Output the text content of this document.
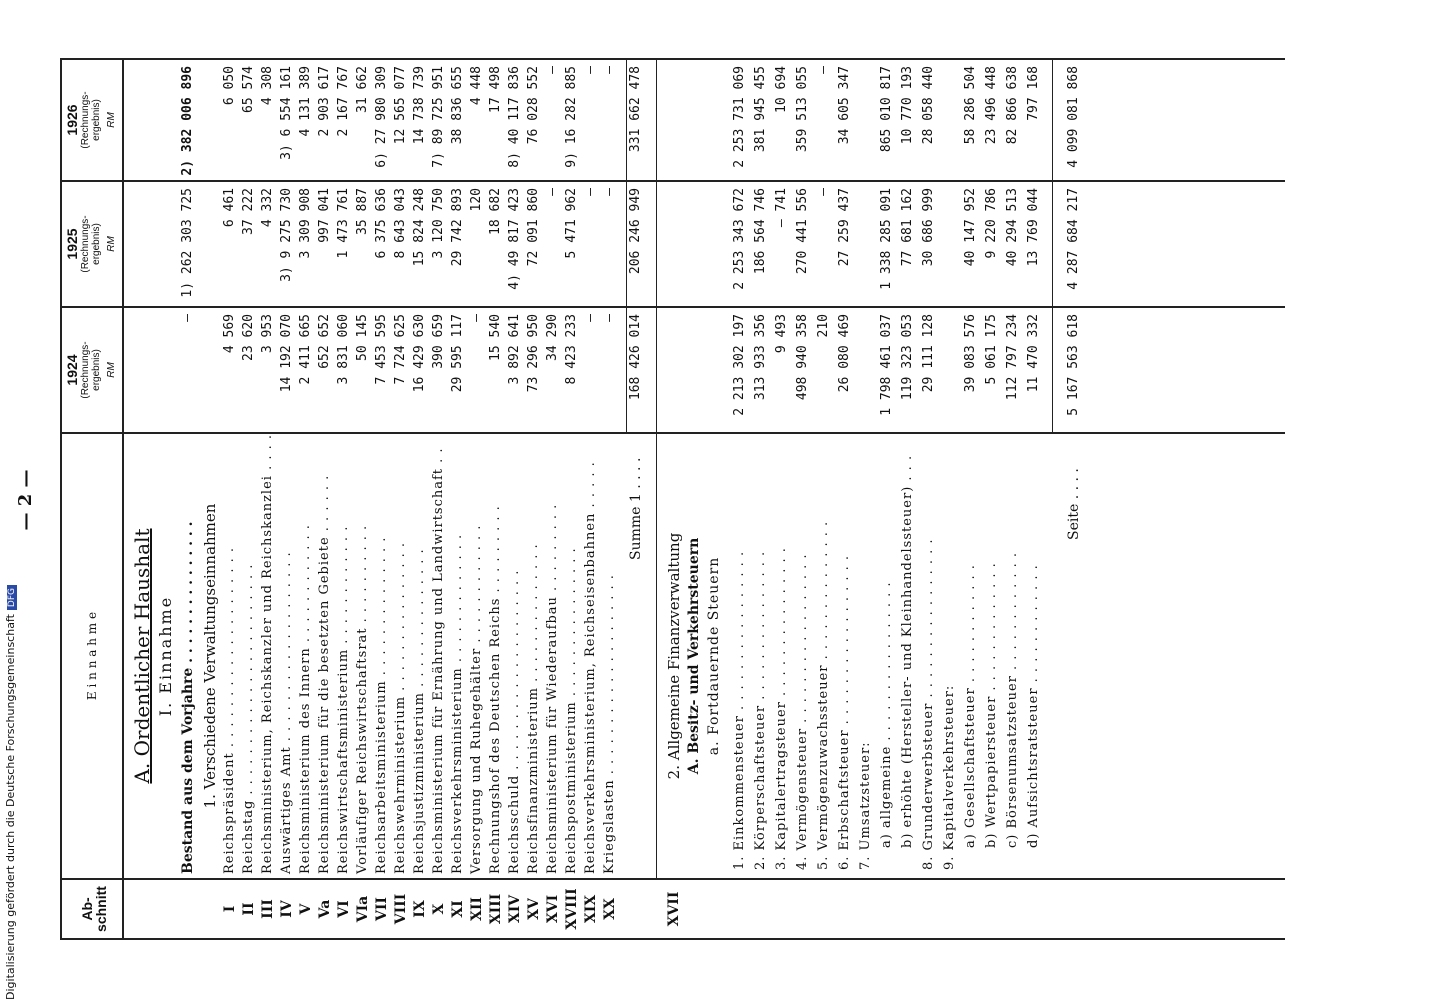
Digitalisierung gefördert durch die Deutsche ForschungsgemeinschaftDFG
— 2 —
Ab-
schnitt
E i n n a h m e
1924 (Rechnungs-
ergebnis) RM
1925 (Rechnungs-
ergebnis) RM
1926 (Rechnungs-
ergebnis) RM
A. Ordentlicher Haushalt I. Einnahme Bestand aus dem Vorjahre . . . . . . . . . . . . . . .
—
1) 262 303 725
2) 382 006 896
1. Verschiedene Verwaltungseinnahmen
I
Reichspräsident . . . . . . . . . . . . . . . . . . . .
4 569
6 461
6 050
II
Reichstag . . . . . . . . . . . . . . . . . . . . . . .
23 620
37 222
65 574
III
Reichsministerium, Reichskanzler und Reichskanzlei . . . .
3 953
4 332
4 308
IV
Auswärtiges Amt . . . . . . . . . . . . . . . . . . .
14 192 070
3) 9 275 730
3) 6 554 161
V
Reichsministerium des Innern . . . . . . . . . . . .
2 411 665
3 309 908
4 131 389
Va
Reichsministerium für die besetzten Gebiete . . . . . .
652 652
997 041
2 903 617
VI
Reichswirtschaftsministerium . . . . . . . . . . . .
3 831 060
1 473 761
2 167 767
VIa
Vorläufiger Reichswirtschaftsrat . . . . . . . . . .
50 145
35 887
31 662
VII
Reichsarbeitsministerium . . . . . . . . . . . . . .
7 453 595
6 375 636
6) 27 980 309
VIII
Reichswehrministerium . . . . . . . . . . . . . . .
7 724 625
8 643 043
12 565 077
IX
Reichsjustizministerium . . . . . . . . . . . . . .
16 429 630
15 824 248
14 738 739
X
Reichsministerium für Ernährung und Landwirtschaft . .
390 659
3 120 750
7) 89 725 951
XI
Reichsverkehrsministerium . . . . . . . . . . . . .
29 595 117
29 742 893
38 836 655
XII
Versorgung und Ruhegehälter . . . . . . . . . . . .
—
120
4 448
XIII
Rechnungshof des Deutschen Reichs . . . . . . . . .
15 540
18 682
17 498
XIV
Reichsschuld . . . . . . . . . . . . . . . . . . . .
3 892 641
4) 49 817 423
8) 40 117 836
XV
Reichsfinanzministerium . . . . . . . . . . . . . .
73 296 950
72 091 860
76 028 552
XVI
Reichsministerium für Wiederaufbau . . . . . . . . .
34 290
—
—
XVIII
Reichspostministerium . . . . . . . . . . . . . . .
8 423 233
5 471 962
9) 16 282 885
XIX
Reichsverkehrsministerium, Reichseisenbahnen . . . . .
—
—
—
XX
Kriegslasten . . . . . . . . . . . . . . . . . . . .
—
—
—
Summe 1 . . . .
168 426 014
206 246 949
331 662 478
XVII
2. Allgemeine Finanzverwaltung A. Besitz- und Verkehrsteuern a. Fortdauernde Steuern 1. Einkommensteuer . . . . . . . . . . . . . . . .
2 213 302 197
2 253 343 672
2 253 731 069
2. Körperschaftsteuer . . . . . . . . . . . . . . .
313 933 356
186 564 746
381 945 455
3. Kapitalertragsteuer . . . . . . . . . . . . . . .
9 493
— 741
10 694
4. Vermögensteuer . . . . . . . . . . . . . . . . .
498 940 358
270 441 556
359 513 055
5. Vermögenzuwachssteuer . . . . . . . . . . . . . .
210
—
—
6. Erbschaftsteuer . . . . . . . . . . . . . . . . .
26 080 469
27 259 437
34 605 347
7. Umsatzsteuer: a) allgemeine . . . . . . . . . . . . . . . .
1 798 461 037
1 338 285 091
865 010 817
b) erhöhte (Hersteller- und Kleinhandelssteuer) . . .
119 323 053
77 681 162
10 770 193
8. Grunderwerbsteuer . . . . . . . . . . . . . . . .
29 111 128
30 686 999
28 058 440
9. Kapitalverkehrsteuer: a) Gesellschaftsteuer . . . . . . . . . . . .
39 083 576
40 147 952
58 286 504
b) Wertpapiersteuer . . . . . . . . . . . . .
5 061 175
9 220 786
23 496 448
c) Börsenumsatzsteuer . . . . . . . . . . . .
112 797 234
40 294 513
82 866 638
d) Aufsichtsratsteuer . . . . . . . . . . . .
11 470 332
13 769 044
797 168
Seite . . . .
5 167 563 618
4 287 684 217
4 099 081 868
